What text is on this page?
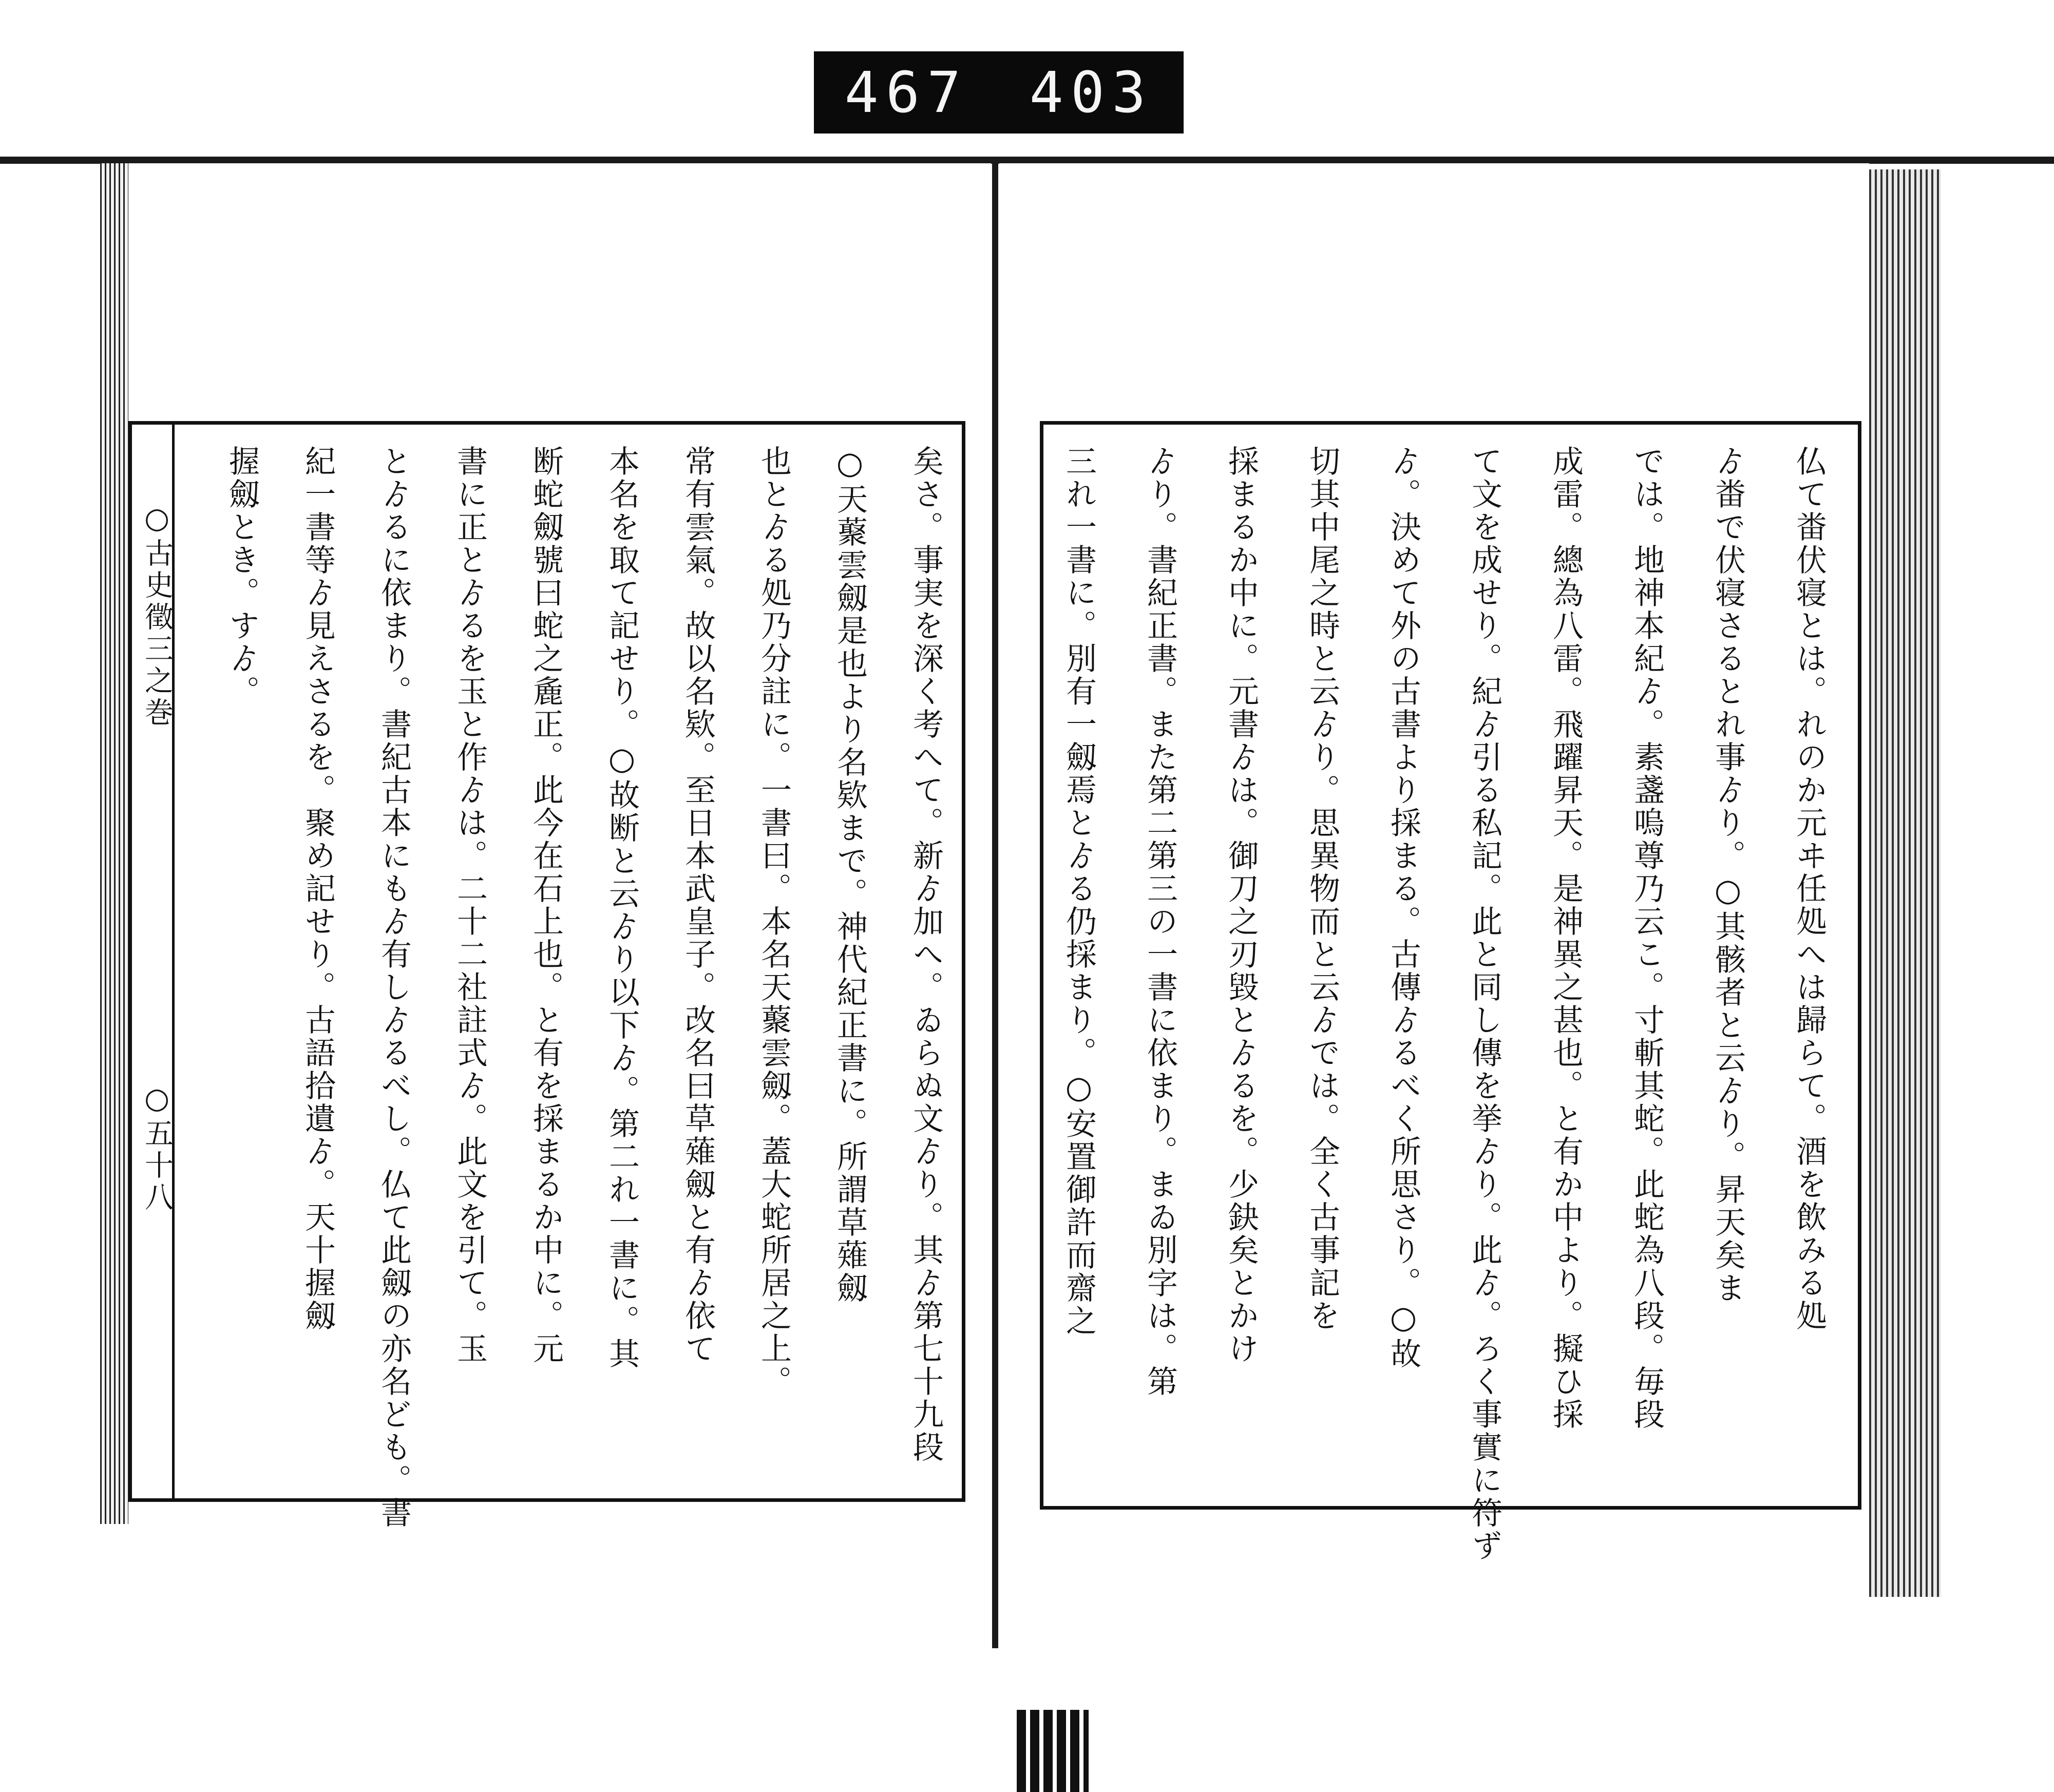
467 403
仏て畨伏寝とは。れのか元ヰ任処へは歸らて。酒を飲みる処
ゟ畨で伏寝さるとれ事ゟり。○其骸者と云ゟり。昇天矣ま
では。地神本紀ゟ。素盞嗚尊乃云こ。寸斬其蛇。此蛇為八段。毎段
成雷。總為八雷。飛躍昇天。是神異之甚也。と有か中より。擬ひ採
て文を成せり。紀ゟ引る私記。此と同し傳を挙ゟり。此ゟ。ろく事實に符ず
ゟ。決めて外の古書より採まる。古傳ゟるべく所思さり。○故
切其中尾之時と云ゟり。思異物而と云ゟでは。全く古事記を
採まるか中に。元書ゟは。御刀之刃毀とゟるを。少鈌矣とかけ
ゟり。書紀正書。また第二第三の一書に依まり。まゐ別字は。第
三れ一書に。別有一劔焉とゟる仍採まり。○安置御許而齋之
矣さ。事実を深く考へて。新ゟ加へ。ゐらぬ文ゟり。其ゟ第七十九段
○天藂雲劔是也より名欵まで。神代紀正書に。所謂草薙劔
也とゟる処乃分註に。一書曰。本名天藂雲劔。蓋大蛇所居之上。
常有雲氣。故以名欵。至日本武皇子。改名曰草薙劔と有ゟ依て
本名を取て記せり。○故断と云ゟり以下ゟ。第二れ一書に。其
断蛇劔號曰蛇之麁正。此今在石上也。と有を採まるか中に。元
書に正とゟるを玉と作ゟは。二十二社註式ゟ。此文を引て。玉
とゟるに依まり。書紀古本にもゟ有しゟるべし。仏て此劔の亦名ども。書
紀一書等ゟ見えさるを。聚め記せり。古語拾遺ゟ。天十握劔
握劔とき。すゟ。
○古史徵三之巻
○五十八
